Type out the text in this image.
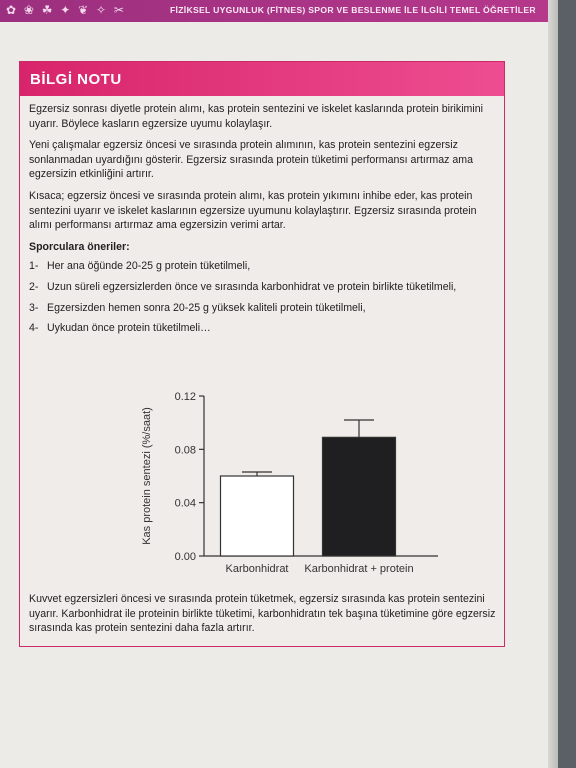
✿ ❀ ☘ ✦ ❦ ✧ ✂	FİZİKSEL UYGUNLUK (FİTNES) SPOR VE BESLENME İLE İLGİLİ TEMEL ÖĞRETİLER
BİLGİ NOTU

Egzersiz sonrası diyetle protein alımı, kas protein sentezini ve iskelet kaslarında protein birikimini uyarır. Böylece kasların egzersize uyumu kolaylaşır.

Yeni çalışmalar egzersiz öncesi ve sırasında protein alımının, kas protein sentezini egzersiz sonlanmadan uyardığını gösterir. Egzersiz sırasında protein tüketimi performansı artırmaz ama egzersizin etkinliğini artırır.

Kısaca; egzersiz öncesi ve sırasında protein alımı, kas protein yıkımını inhibe eder, kas protein sentezini uyarır ve iskelet kaslarının egzersize uyumunu kolaylaştırır. Egzersiz sırasında protein alımı performansı artırmaz ama egzersizin verimi artar.

Sporculara öneriler:
1- Her ana öğünde 20-25 g protein tüketilmeli,
2- Uzun süreli egzersizlerden önce ve sırasında karbonhidrat ve protein birlikte tüketilmeli,
3- Egzersizden hemen sonra 20-25 g yüksek kaliteli protein tüketilmeli,
4- Uykudan önce protein tüketilmeli…
Kas protein sentezi (%/saat)
0.00
0.04
0.08
0.12
Karbonhidrat Karbonhidrat + protein

Kuvvet egzersizleri öncesi ve sırasında protein tüketmek, egzersiz sırasında kas protein sentezini uyarır. Karbonhidrat ile proteinin birlikte tüketimi, karbonhidratın tek başına tüketimine göre egzersiz sırasında kas protein sentezini daha fazla artırır.
